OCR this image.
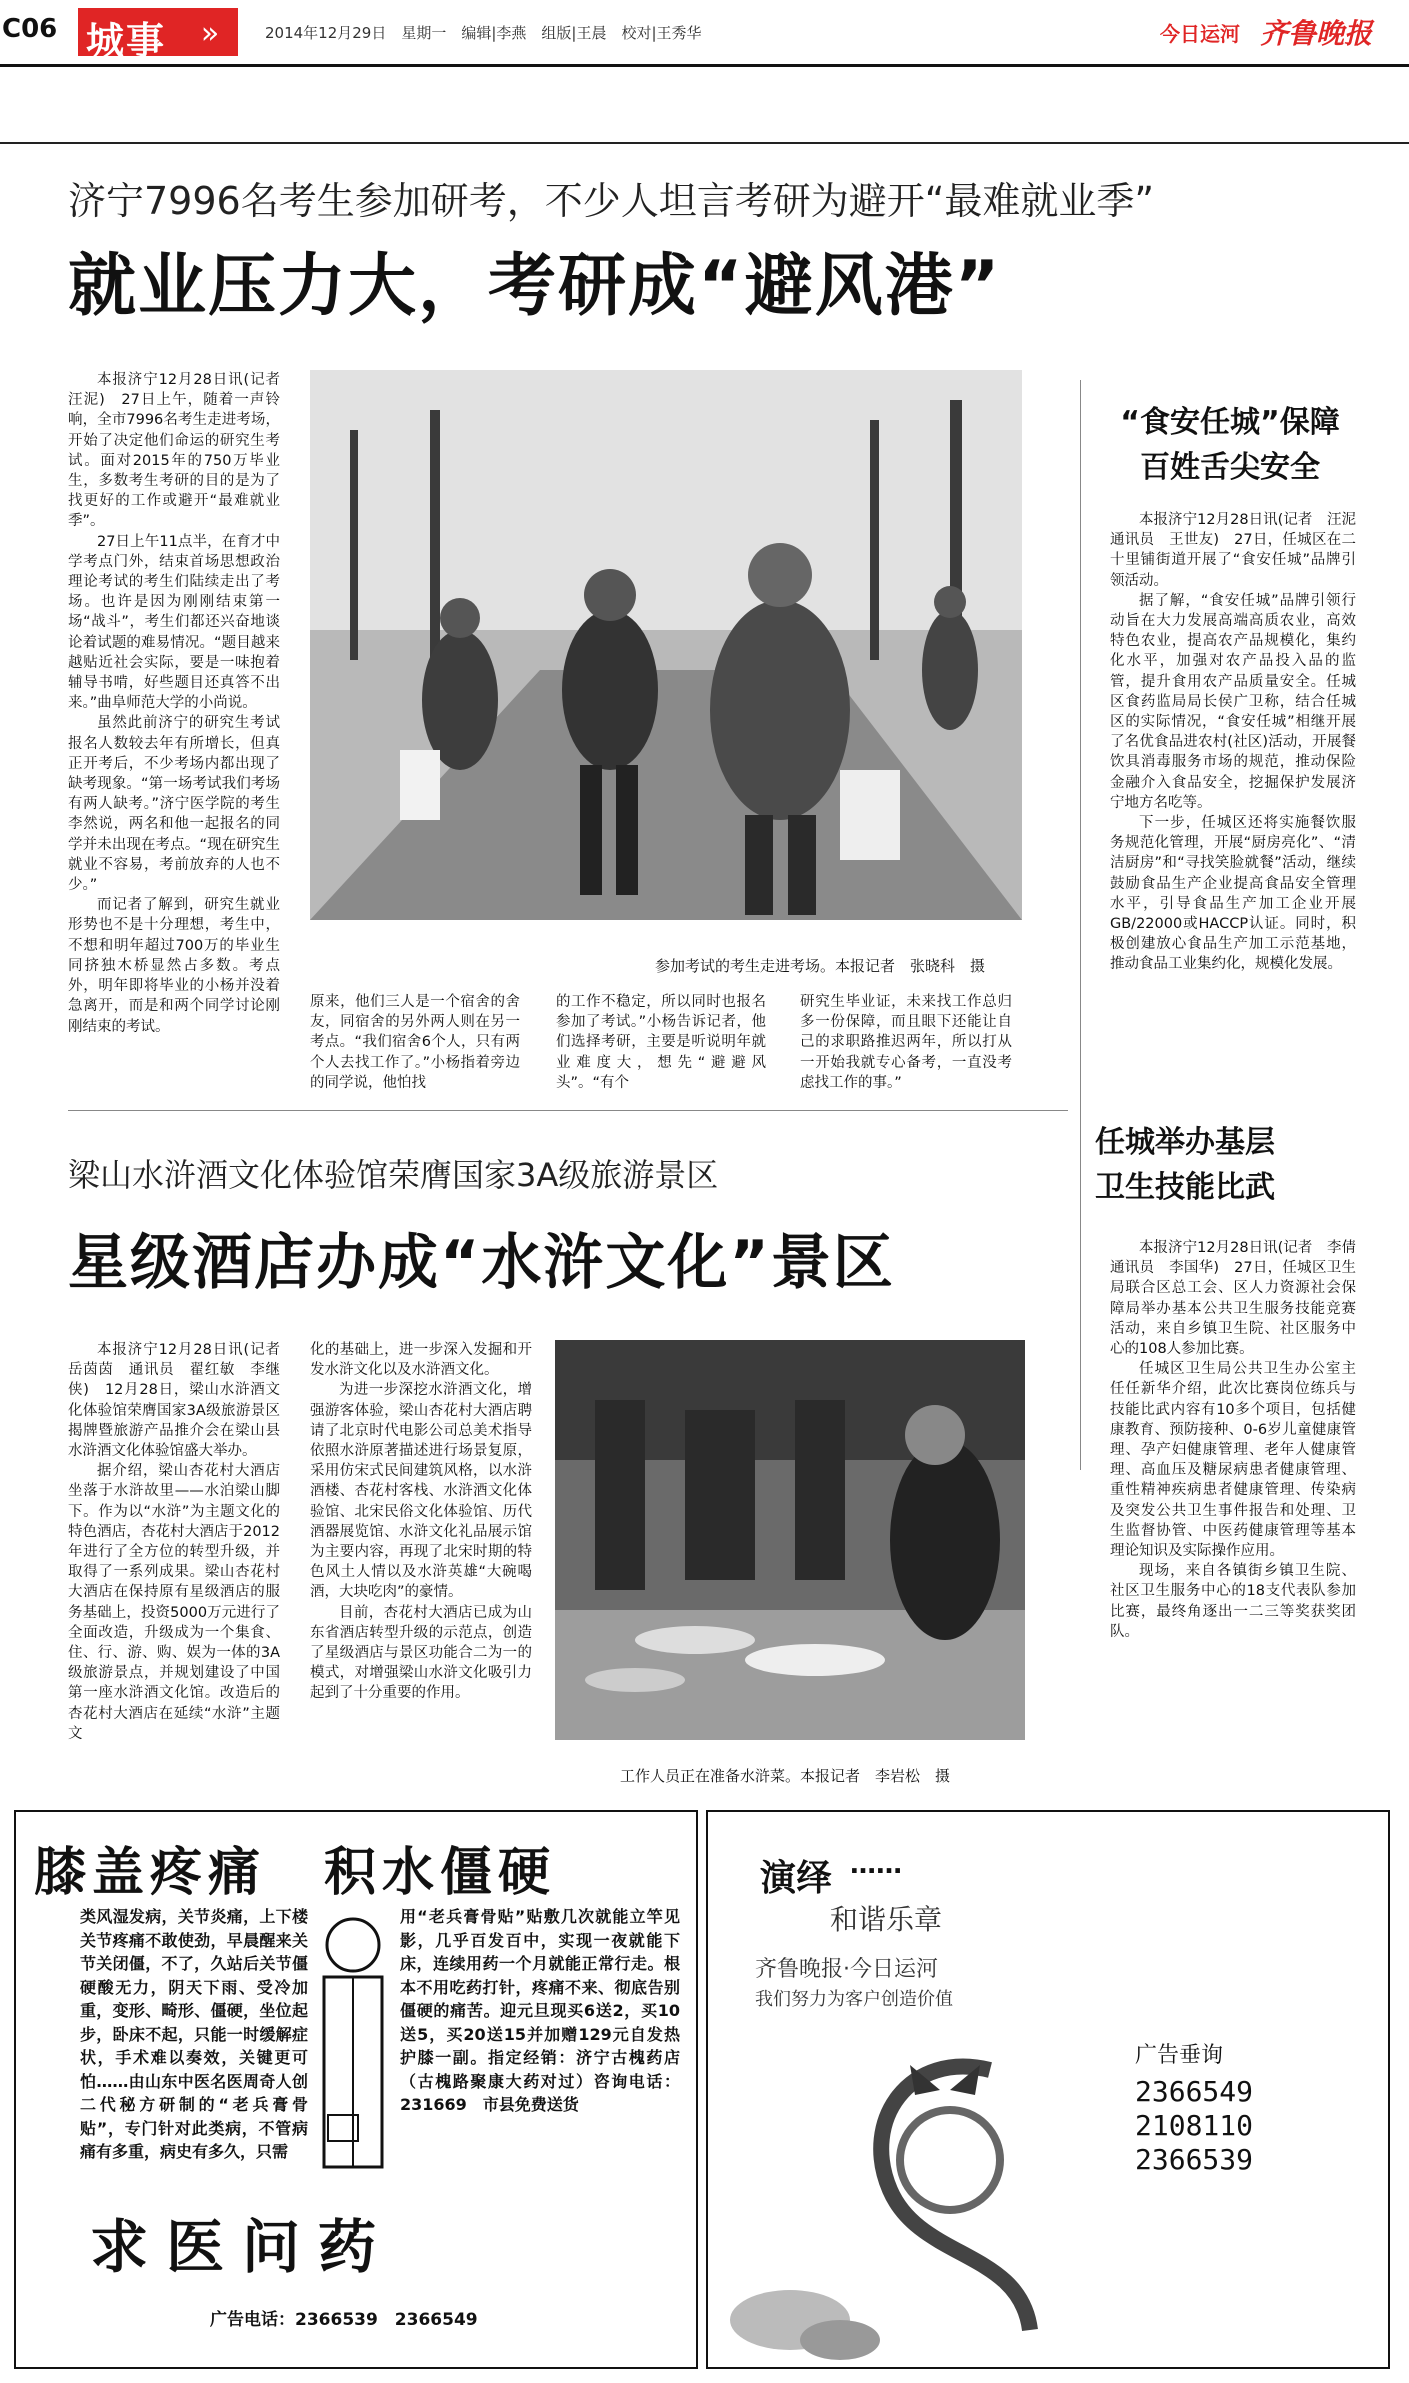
C06 城事	»	2014年12月29日　星期一　编辑|李燕　组版|王晨　校对|王秀华	今日运河 齐鲁晚报
济宁7996名考生参加研考，不少人坦言考研为避开“最难就业季”
就业压力大，考研成“避风港”

本报济宁12月28日讯(记者　汪泥)　27日上午，随着一声铃响，全市7996名考生走进考场，开始了决定他们命运的研究生考试。面对2015年的750万毕业生，多数考生考研的目的是为了找更好的工作或避开“最难就业季”。

27日上午11点半，在育才中学考点门外，结束首场思想政治理论考试的考生们陆续走出了考场。也许是因为刚刚结束第一场“战斗”，考生们都还兴奋地谈论着试题的难易情况。“题目越来越贴近社会实际，要是一味抱着辅导书啃，好些题目还真答不出来。”曲阜师范大学的小尚说。

虽然此前济宁的研究生考试报名人数较去年有所增长，但真正开考后，不少考场内都出现了缺考现象。“第一场考试我们考场有两人缺考。”济宁医学院的考生李然说，两名和他一起报名的同学并未出现在考点。“现在研究生就业不容易，考前放弃的人也不少。”

而记者了解到，研究生就业形势也不是十分理想，考生中，不想和明年超过700万的毕业生同挤独木桥显然占多数。考点外，明年即将毕业的小杨并没着急离开，而是和两个同学讨论刚刚结束的考试。

参加考试的考生走进考场。本报记者　张晓科　摄

原来，他们三人是一个宿舍的舍友，同宿舍的另外两人则在另一考点。“我们宿舍6个人，只有两个人去找工作了。”小杨指着旁边的同学说，他怕找

的工作不稳定，所以同时也报名参加了考试。”小杨告诉记者，他们选择考研，主要是听说明年就业难度大，想先“避避风头”。“有个

研究生毕业证，未来找工作总归多一份保障，而且眼下还能让自己的求职路推迟两年，所以打从一开始我就专心备考，一直没考虑找工作的事。”

“食安任城”保障
百姓舌尖安全

本报济宁12月28日讯(记者　汪泥　通讯员　王世友)　27日，任城区在二十里铺街道开展了“食安任城”品牌引领活动。

据了解，“食安任城”品牌引领行动旨在大力发展高端高质农业，高效特色农业，提高农产品规模化，集约化水平，加强对农产品投入品的监管，提升食用农产品质量安全。任城区食药监局局长侯广卫称，结合任城区的实际情况，“食安任城”相继开展了名优食品进农村(社区)活动，开展餐饮具消毒服务市场的规范，推动保险金融介入食品安全，挖掘保护发展济宁地方名吃等。

下一步，任城区还将实施餐饮服务规范化管理，开展“厨房亮化”、“清洁厨房”和“寻找笑脸就餐”活动，继续鼓励食品生产企业提高食品安全管理水平，引导食品生产加工企业开展GB/22000或HACCP认证。同时，积极创建放心食品生产加工示范基地，推动食品工业集约化，规模化发展。

梁山水浒酒文化体验馆荣膺国家3A级旅游景区
星级酒店办成“水浒文化”景区

本报济宁12月28日讯(记者　岳茵茵　通讯员　翟红敏　李继侠)　12月28日，梁山水浒酒文化体验馆荣膺国家3A级旅游景区揭牌暨旅游产品推介会在梁山县水浒酒文化体验馆盛大举办。

据介绍，梁山杏花村大酒店坐落于水浒故里——水泊梁山脚下。作为以“水浒”为主题文化的特色酒店，杏花村大酒店于2012年进行了全方位的转型升级，并取得了一系列成果。梁山杏花村大酒店在保持原有星级酒店的服务基础上，投资5000万元进行了全面改造，升级成为一个集食、住、行、游、购、娱为一体的3A级旅游景点，并规划建设了中国第一座水浒酒文化馆。改造后的杏花村大酒店在延续“水浒”主题文

化的基础上，进一步深入发掘和开发水浒文化以及水浒酒文化。

为进一步深挖水浒酒文化，增强游客体验，梁山杏花村大酒店聘请了北京时代电影公司总美术指导依照水浒原著描述进行场景复原，采用仿宋式民间建筑风格，以水浒酒楼、杏花村客栈、水浒酒文化体验馆、北宋民俗文化体验馆、历代酒器展览馆、水浒文化礼品展示馆为主要内容，再现了北宋时期的特色风土人情以及水浒英雄“大碗喝酒，大块吃肉”的豪情。

目前，杏花村大酒店已成为山东省酒店转型升级的示范点，创造了星级酒店与景区功能合二为一的模式，对增强梁山水浒文化吸引力起到了十分重要的作用。

工作人员正在准备水浒菜。本报记者　李岩松　摄
任城举办基层
卫生技能比武

本报济宁12月28日讯(记者　李倩　通讯员　李国华)　27日，任城区卫生局联合区总工会、区人力资源社会保障局举办基本公共卫生服务技能竞赛活动，来自乡镇卫生院、社区服务中心的108人参加比赛。

任城区卫生局公共卫生办公室主任任新华介绍，此次比赛岗位练兵与技能比武内容有10多个项目，包括健康教育、预防接种、0-6岁儿童健康管理、孕产妇健康管理、老年人健康管理、高血压及糖尿病患者健康管理、重性精神疾病患者健康管理、传染病及突发公共卫生事件报告和处理、卫生监督协管、中医药健康管理等基本理论知识及实际操作应用。

现场，来自各镇街乡镇卫生院、社区卫生服务中心的18支代表队参加比赛，最终角逐出一二三等奖获奖团队。

膝盖疼痛　积水僵硬
类风湿发病，关节炎痛，上下楼关节疼痛不敢使劲，早晨醒来关节关闭僵，不了，久站后关节僵硬酸无力，阴天下雨、受冷加重，变形、畸形、僵硬，坐位起步，卧床不起，只能一时缓解症状，手术难以奏效，关键更可怕……由山东中医名医周奇人创二代秘方研制的“老兵膏骨贴”，专门针对此类病，不管病痛有多重，病史有多久，只需
用“老兵膏骨贴”贴敷几次就能立竿见影，几乎百发百中，实现一夜就能下床，连续用药一个月就能正常行走。根本不用吃药打针，疼痛不来、彻底告别僵硬的痛苦。迎元旦现买6送2，买10送5，买20送15并加赠129元自发热护膝一副。指定经销：济宁古槐药店（古槐路聚康大药对过）咨询电话：231669　市县免费送货
求医问药
广告电话：2366539　2366549
演绎 ……
和谐乐章
齐鲁晚报·今日运河
我们努力为客户创造价值
广告垂询
2366549
2108110
2366539
